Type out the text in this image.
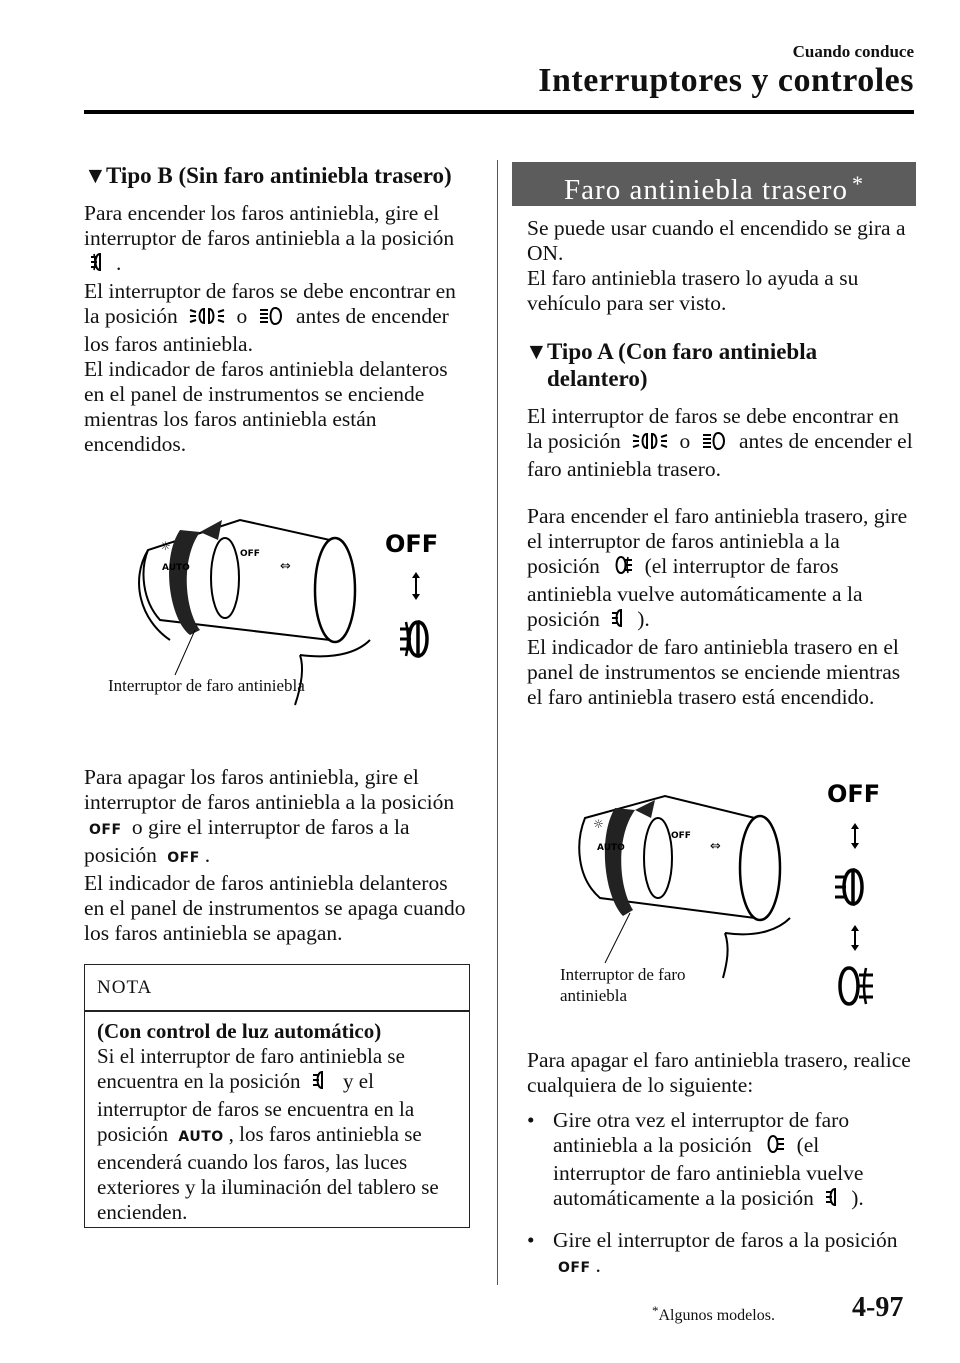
Cuando conduce
Interruptores y controles
▼ Tipo B (Sin faro antiniebla trasero)

Para encender los faros antiniebla, gire el interruptor de faros antiniebla a la posición .

El interruptor de faros se debe encontrar en la posición	o antes de encender los faros antiniebla.

El indicador de faros antiniebla delanteros en el panel de instrumentos se enciende mientras los faros antiniebla están encendidos.

☼
AUTO
OFF
⇔
OFF
Interruptor de faro antiniebla

Para apagar los faros antiniebla, gire el interruptor de faros antiniebla a la posición OFF o gire el interruptor de faros a la posición OFF .

El indicador de faros antiniebla delanteros en el panel de instrumentos se apaga cuando los faros antiniebla se apagan.

NOTA
(Con control de luz automático)
Si el interruptor de faro antiniebla se encuentra en la posición y el interruptor de faros se encuentra en la posición AUTO , los faros antiniebla se encenderá cuando los faros, las luces exteriores y la iluminación del tablero se encienden.
Faro antiniebla trasero *

Se puede usar cuando el encendido se gira a ON.

El faro antiniebla trasero lo ayuda a su vehículo para ser visto.

▼ Tipo A (Con faro antiniebla delantero)

El interruptor de faros se debe encontrar en la posición	o antes de encender el faro antiniebla trasero.

Para encender el faro antiniebla trasero, gire el interruptor de faros antiniebla a la posición (el interruptor de faros antiniebla vuelve automáticamente a la posición ).

El indicador de faro antiniebla trasero en el panel de instrumentos se enciende mientras el faro antiniebla trasero está encendido.

☼
AUTO
OFF
⇔
OFF
Interruptor de faro
antiniebla

Para apagar el faro antiniebla trasero, realice cualquiera de lo siguiente:

• Gire otra vez el interruptor de faro antiniebla a la posición (el interruptor de faro antiniebla vuelve automáticamente a la posición ).
• Gire el interruptor de faros a la posición OFF .
*Algunos modelos.	4-97
